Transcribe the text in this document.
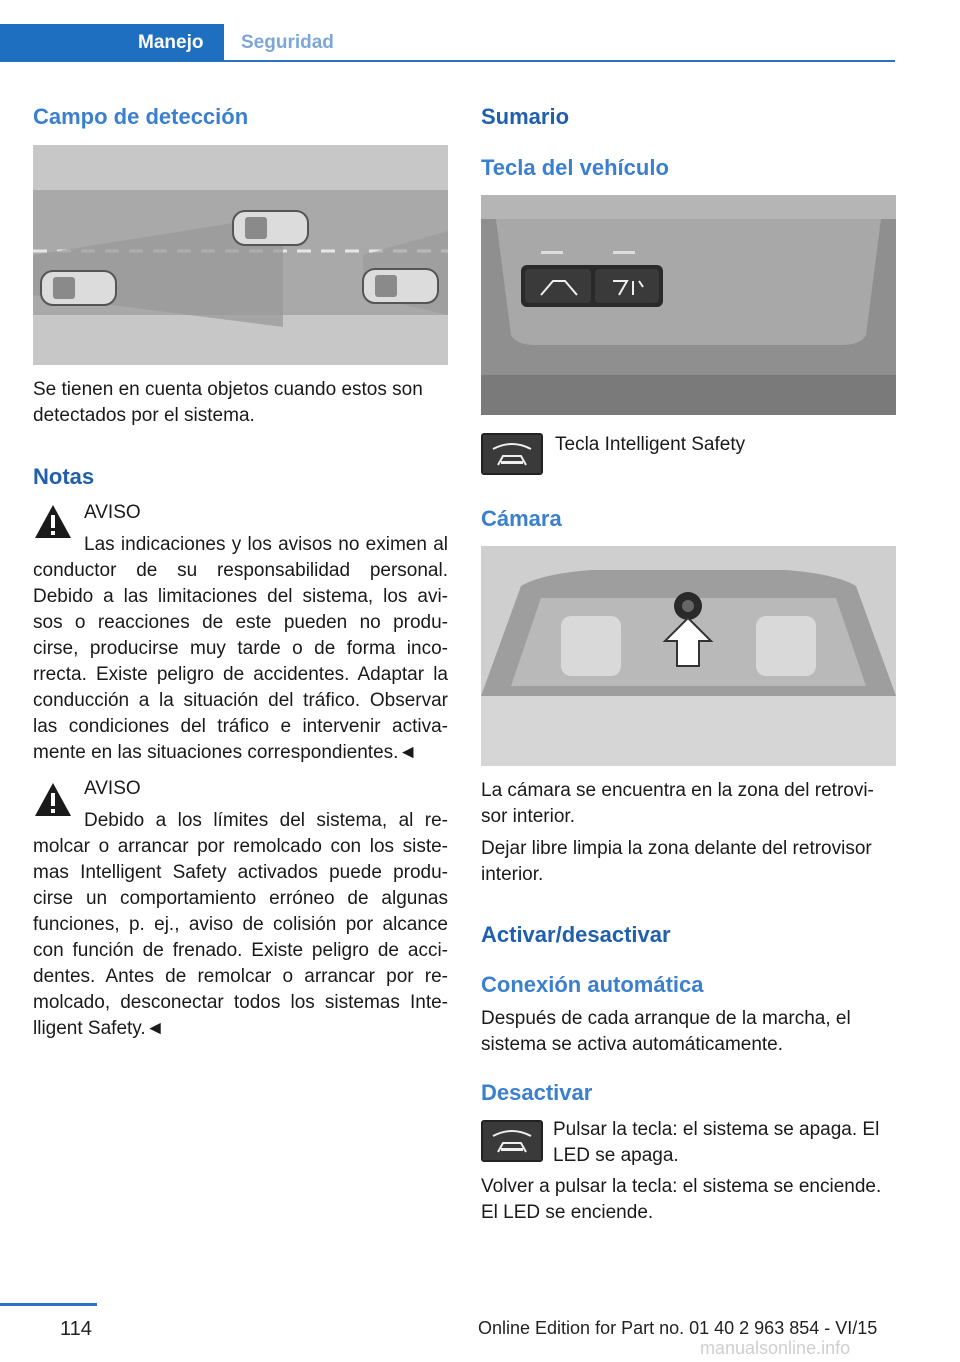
Manejo	Seguridad
Campo de detección
Se tienen en cuenta objetos cuando estos son detectados por el sistema.
Notas
AVISO
Las indicaciones y los avisos no eximen al conductor de su responsabilidad personal. Debido a las limitaciones del sistema, los avi- sos o reacciones de este pueden no produ- cirse, producirse muy tarde o de forma inco- rrecta. Existe peligro de accidentes. Adaptar la conducción a la situación del tráfico. Observar las condiciones del tráfico e intervenir activa- mente en las situaciones correspondientes.◄
AVISO
Debido a los límites del sistema, al re- molcar o arrancar por remolcado con los siste- mas Intelligent Safety activados puede produ- cirse un comportamiento erróneo de algunas funciones, p. ej., aviso de colisión por alcance con función de frenado. Existe peligro de acci- dentes. Antes de remolcar o arrancar por re- molcado, desconectar todos los sistemas Inte- lligent Safety.◄
Sumario
Tecla del vehículo
Tecla Intelligent Safety
Cámara
La cámara se encuentra en la zona del retrovi- sor interior.
Dejar libre limpia la zona delante del retrovisor interior.
Activar/desactivar
Conexión automática
Después de cada arranque de la marcha, el sistema se activa automáticamente.
Desactivar
Pulsar la tecla: el sistema se apaga. El LED se apaga.
Volver a pulsar la tecla: el sistema se enciende. El LED se enciende.
114	Online Edition for Part no. 01 40 2 963 854 - VI/15
manualsonline.info
